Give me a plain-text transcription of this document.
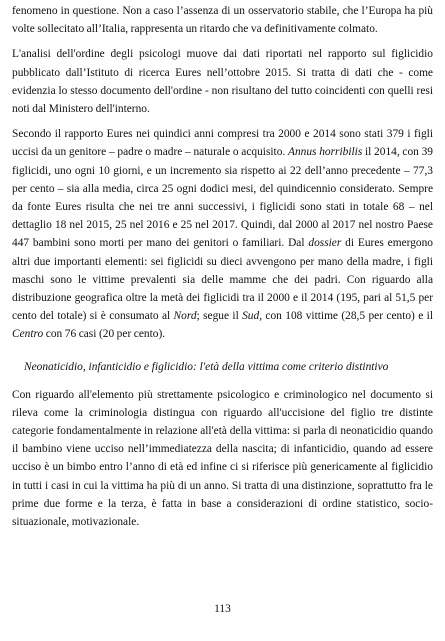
fenomeno in questione. Non a caso l’assenza di un osservatorio stabile, che l’Europa ha più volte sollecitato all’Italia, rappresenta un ritardo che va definitivamente colmato.

L'analisi dell'ordine degli psicologi muove dai dati riportati nel rapporto sul figlicidio pubblicato dall’Istituto di ricerca Eures nell’ottobre 2015. Si tratta di dati che - come evidenzia lo stesso documento dell'ordine - non risultano del tutto coincidenti con quelli resi noti dal Ministero dell'interno.

Secondo il rapporto Eures nei quindici anni compresi tra 2000 e 2014 sono stati 379 i figli uccisi da un genitore – padre o madre – naturale o acquisito. Annus horribilis il 2014, con 39 figlicidi, uno ogni 10 giorni, e un incremento sia rispetto ai 22 dell’anno precedente – 77,3 per cento – sia alla media, circa 25 ogni dodici mesi, del quindicennio considerato. Sempre da fonte Eures risulta che nei tre anni successivi, i figlicidi sono stati in totale 68 – nel dettaglio 18 nel 2015, 25 nel 2016 e 25 nel 2017. Quindi, dal 2000 al 2017 nel nostro Paese 447 bambini sono morti per mano dei genitori o familiari. Dal dossier di Eures emergono altri due importanti elementi: sei figlicidi su dieci avvengono per mano della madre, i figli maschi sono le vittime prevalenti sia delle mamme che dei padri. Con riguardo alla distribuzione geografica oltre la metà dei figlicidi tra il 2000 e il 2014 (195, pari al 51,5 per cento del totale) si è consumato al Nord; segue il Sud, con 108 vittime (28,5 per cento) e il Centro con 76 casi (20 per cento).

Neonaticidio, infanticidio e figlicidio: l'età della vittima come criterio distintivo

Con riguardo all'elemento più strettamente psicologico e criminologico nel documento si rileva come la criminologia distingua con riguardo all'uccisione del figlio tre distinte categorie fondamentalmente in relazione all'età della vittima: si parla di neonaticidio quando il bambino viene ucciso nell’immediatezza della nascita; di infanticidio, quando ad essere ucciso è un bimbo entro l’anno di età ed infine ci si riferisce più genericamente al figlicidio in tutti i casi in cui la vittima ha più di un anno. Si tratta di una distinzione, soprattutto fra le prime due forme e la terza, è fatta in base a considerazioni di ordine statistico, socio-situazionale, motivazionale.

113
